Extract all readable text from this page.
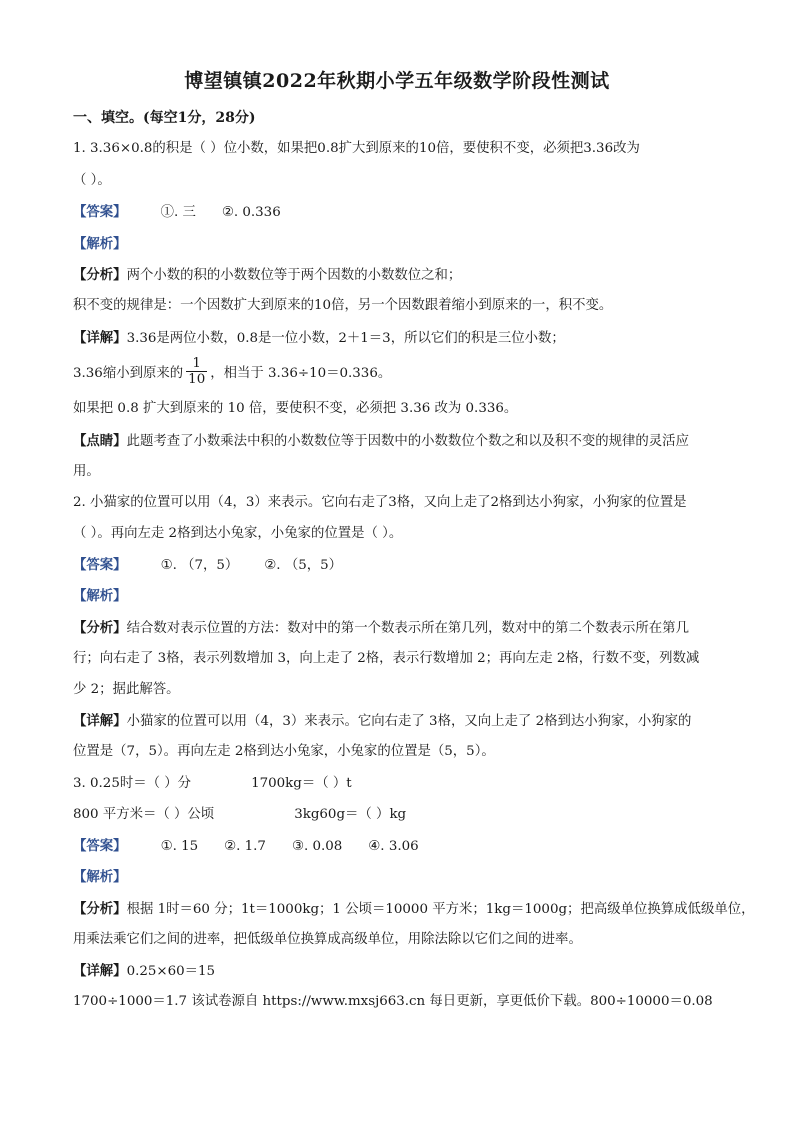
博望镇镇2022年秋期小学五年级数学阶段性测试
一、填空。(每空1分，28分)
1. 3.36×0.8的积是（ ）位小数，如果把0.8扩大到原来的10倍，要使积不变，必须把3.36改为
（ ）。
【答案】	①. 三 ②. 0.336
【解析】
【分析】两个小数的积的小数数位等于两个因数的小数数位之和；
积不变的规律是：一个因数扩大到原来的10倍，另一个因数跟着缩小到原来的一，积不变。
【详解】3.36是两位小数，0.8是一位小数，2＋1＝3，所以它们的积是三位小数；
3.36缩小到原来的 $\frac{1}{10}$ ，相当于 3.36÷10＝0.336。
如果把 0.8 扩大到原来的 10 倍，要使积不变，必须把 3.36 改为 0.336。
【点睛】此题考查了小数乘法中积的小数数位等于因数中的小数数位个数之和以及积不变的规律的灵活应
用。
2. 小猫家的位置可以用（4，3）来表示。它向右走了3格，又向上走了2格到达小狗家，小狗家的位置是
（ ）。再向左走 2格到达小兔家，小兔家的位置是（ ）。
【答案】	①. （7，5） ②. （5，5）
【解析】
【分析】结合数对表示位置的方法：数对中的第一个数表示所在第几列，数对中的第二个数表示所在第几
行；向右走了 3格，表示列数增加 3，向上走了 2格，表示行数增加 2；再向左走 2格，行数不变，列数减
少 2；据此解答。
【详解】小猫家的位置可以用（4，3）来表示。它向右走了 3格，又向上走了 2格到达小狗家，小狗家的
位置是（7，5）。再向左走 2格到达小兔家，小兔家的位置是（5，5）。
3. 0.25时＝（ ）分	1700kg＝（ ）t
800 平方米＝（ ）公顷	3kg60g＝（ ）kg
【答案】	①. 15 ②. 1.7 ③. 0.08 ④. 3.06
【解析】
【分析】根据 1时＝60 分；1t＝1000kg；1 公顷＝10000 平方米；1kg＝1000g；把高级单位换算成低级单位，
用乘法乘它们之间的进率，把低级单位换算成高级单位，用除法除以它们之间的进率。
【详解】0.25×60＝15
1700÷1000＝1.7 该试卷源自 https://www.mxsj663.cn 每日更新，享更低价下载。800÷10000＝0.08
